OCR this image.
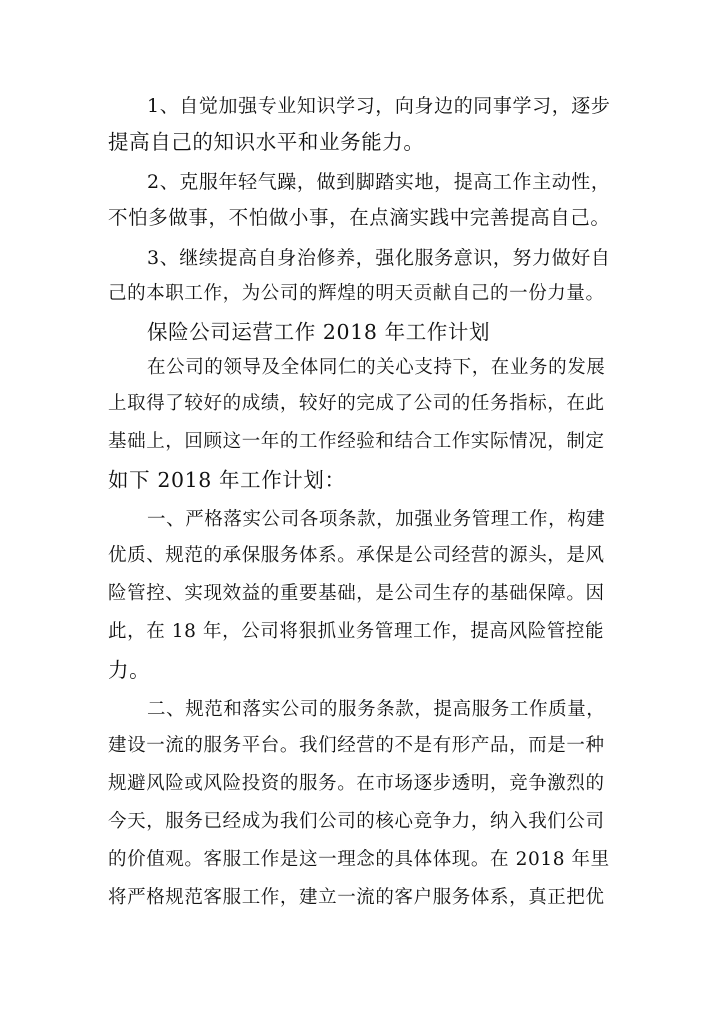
1、自觉加强专业知识学习，向身边的同事学习，逐步
提高自己的知识水平和业务能力。
2、克服年轻气躁，做到脚踏实地，提高工作主动性，
不怕多做事，不怕做小事，在点滴实践中完善提高自己。
3、继续提高自身治修养，强化服务意识，努力做好自
己的本职工作，为公司的辉煌的明天贡献自己的一份力量。
保险公司运营工作 2018 年工作计划
在公司的领导及全体同仁的关心支持下，在业务的发展
上取得了较好的成绩，较好的完成了公司的任务指标，在此
基础上，回顾这一年的工作经验和结合工作实际情况，制定
如下 2018 年工作计划：
一、严格落实公司各项条款，加强业务管理工作，构建
优质、规范的承保服务体系。承保是公司经营的源头，是风
险管控、实现效益的重要基础，是公司生存的基础保障。因
此，在 18 年，公司将狠抓业务管理工作，提高风险管控能
力。
二、规范和落实公司的服务条款，提高服务工作质量，
建设一流的服务平台。我们经营的不是有形产品，而是一种
规避风险或风险投资的服务。在市场逐步透明，竞争激烈的
今天，服务已经成为我们公司的核心竞争力，纳入我们公司
的价值观。客服工作是这一理念的具体体现。在 2018 年里
将严格规范客服工作，建立一流的客户服务体系，真正把优
